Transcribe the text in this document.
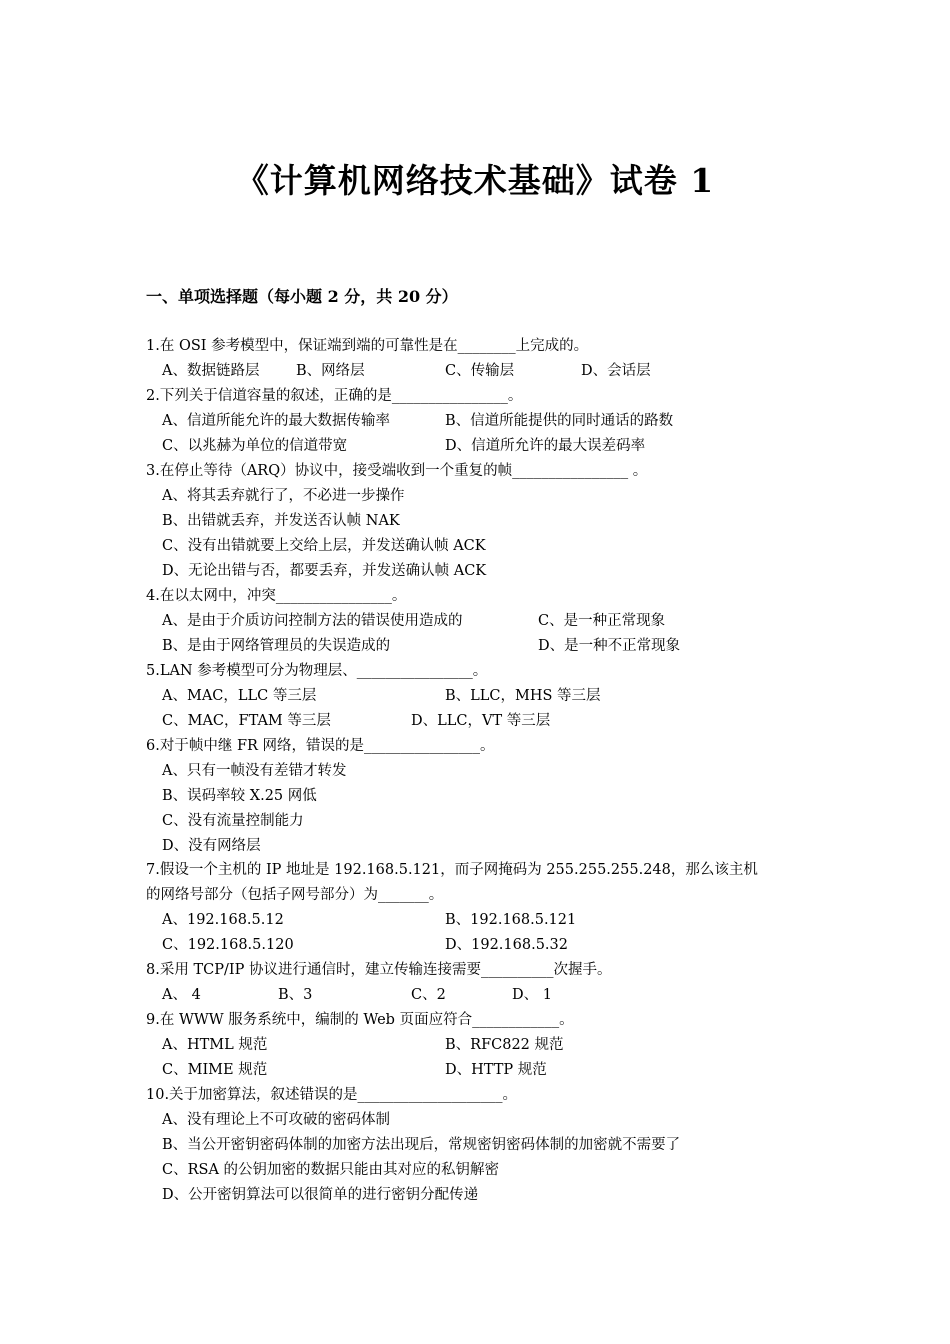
《计算机网络技术基础》试卷 1
一、单项选择题（每小题 2 分，共 20 分）
1.在 OSI 参考模型中，保证端到端的可靠性是在________上完成的。
A、数据链路层	B、网络层	C、传输层	D、会话层
2.下列关于信道容量的叙述，正确的是________________。
A、信道所能允许的最大数据传输率	B、信道所能提供的同时通话的路数
C、以兆赫为单位的信道带宽	D、信道所允许的最大误差码率
3.在停止等待（ARQ）协议中，接受端收到一个重复的帧________________ 。
A、将其丢弃就行了，不必进一步操作
B、出错就丢弃，并发送否认帧 NAK
C、没有出错就要上交给上层，并发送确认帧 ACK
D、无论出错与否，都要丢弃，并发送确认帧 ACK
4.在以太网中，冲突________________。
A、是由于介质访问控制方法的错误使用造成的	C、是一种正常现象
B、是由于网络管理员的失误造成的	D、是一种不正常现象
5.LAN 参考模型可分为物理层、________________。
A、MAC，LLC 等三层	B、LLC，MHS 等三层
C、MAC，FTAM 等三层	D、LLC，VT 等三层
6.对于帧中继 FR 网络，错误的是________________。
A、只有一帧没有差错才转发
B、误码率较 X.25 网低
C、没有流量控制能力
D、没有网络层
7.假设一个主机的 IP 地址是 192.168.5.121，而子网掩码为 255.255.255.248，那么该主机
的网络号部分（包括子网号部分）为_______。
A、192.168.5.12	B、192.168.5.121
C、192.168.5.120	D、192.168.5.32
8.采用 TCP/IP 协议进行通信时，建立传输连接需要__________次握手。
A、 4	B、3	C、2	D、 1
9.在 WWW 服务系统中，编制的 Web 页面应符合____________。
A、HTML 规范	B、RFC822 规范
C、MIME 规范	D、HTTP 规范
10.关于加密算法，叙述错误的是____________________。
A、没有理论上不可攻破的密码体制
B、当公开密钥密码体制的加密方法出现后，常规密钥密码体制的加密就不需要了
C、RSA 的公钥加密的数据只能由其对应的私钥解密
D、公开密钥算法可以很简单的进行密钥分配传递
